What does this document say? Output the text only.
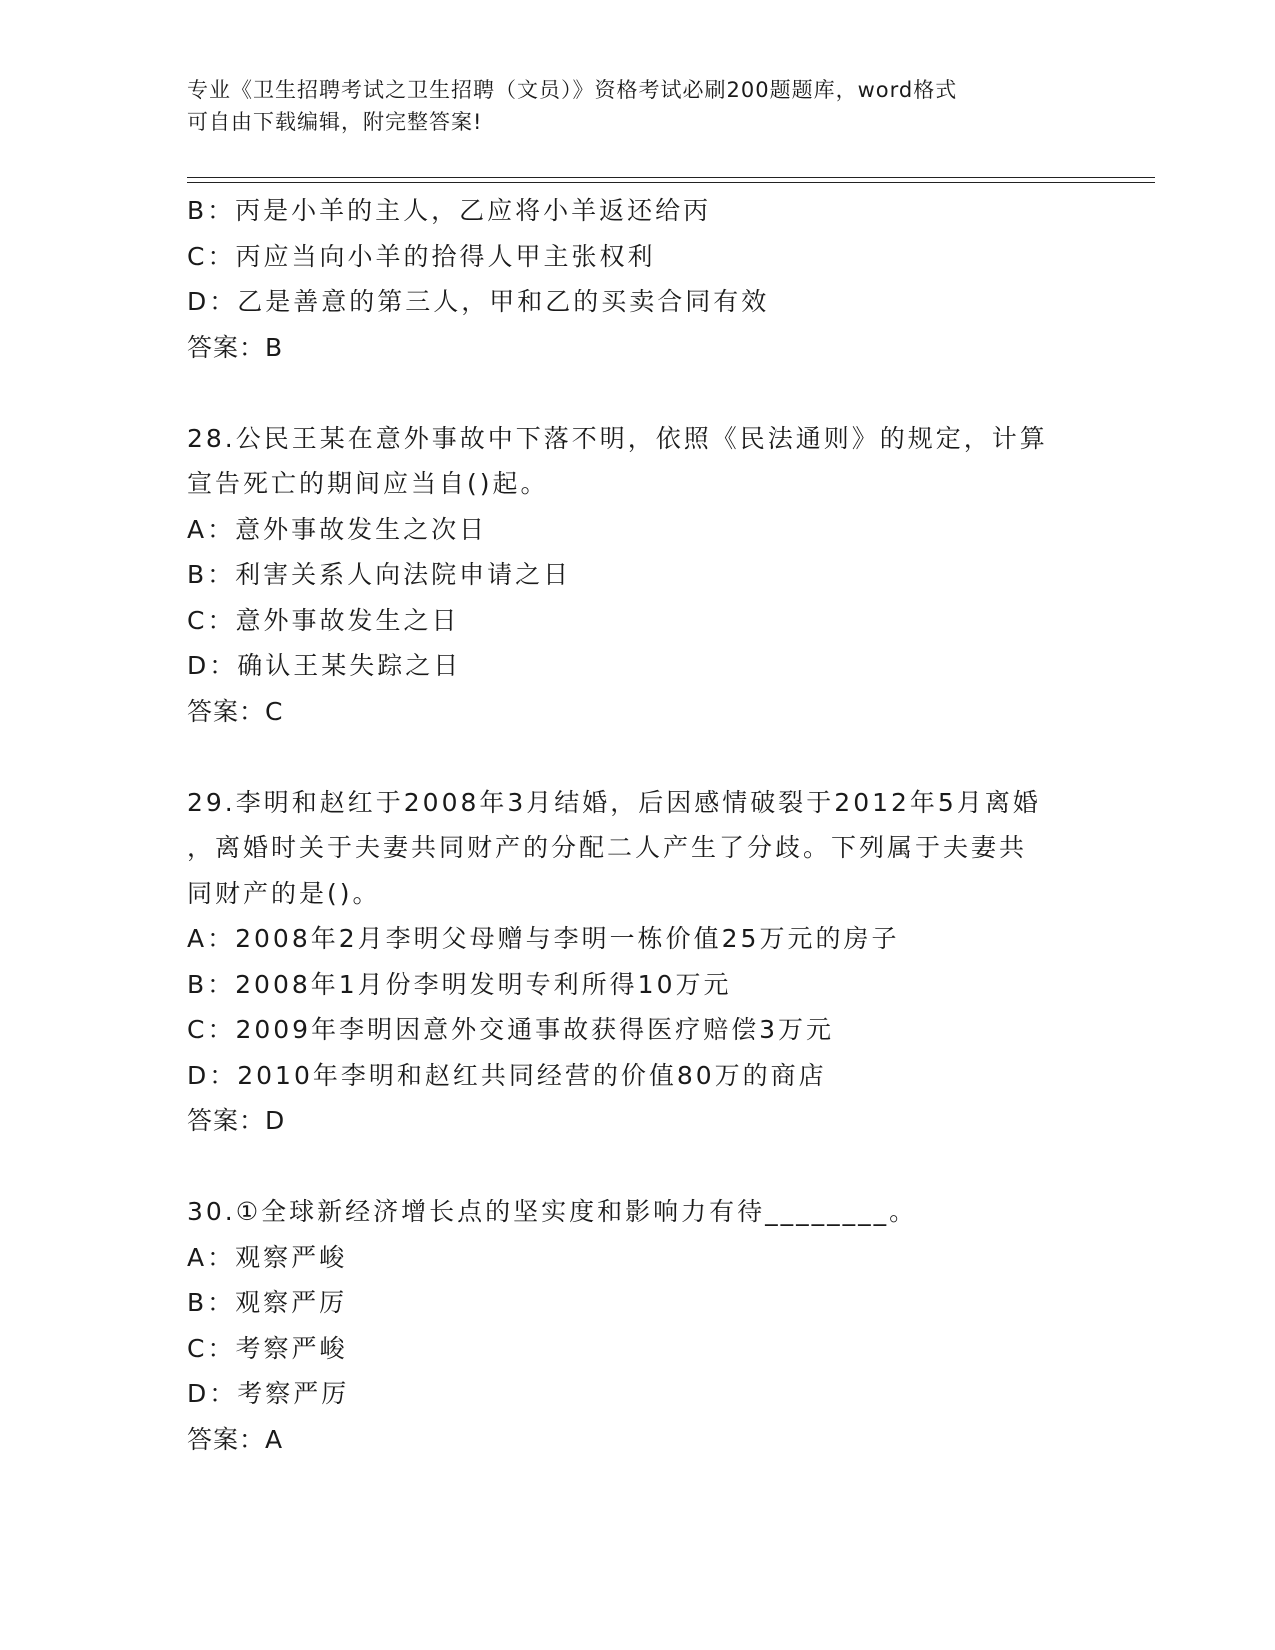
专业《卫生招聘考试之卫生招聘（文员）》资格考试必刷200题题库，word格式
可自由下载编辑，附完整答案!
B：丙是小羊的主人，乙应将小羊返还给丙
C：丙应当向小羊的拾得人甲主张权利
D：乙是善意的第三人，甲和乙的买卖合同有效
答案：B
28.公民王某在意外事故中下落不明，依照《民法通则》的规定，计算
宣告死亡的期间应当自()起。
A：意外事故发生之次日
B：利害关系人向法院申请之日
C：意外事故发生之日
D：确认王某失踪之日
答案：C
29.李明和赵红于2008年3月结婚，后因感情破裂于2012年5月离婚
，离婚时关于夫妻共同财产的分配二人产生了分歧。下列属于夫妻共
同财产的是()。
A：2008年2月李明父母赠与李明一栋价值25万元的房子
B：2008年1月份李明发明专利所得10万元
C：2009年李明因意外交通事故获得医疗赔偿3万元
D：2010年李明和赵红共同经营的价值80万的商店
答案：D
30.①全球新经济增长点的坚实度和影响力有待________。
A：观察严峻
B：观察严厉
C：考察严峻
D：考察严厉
答案：A
